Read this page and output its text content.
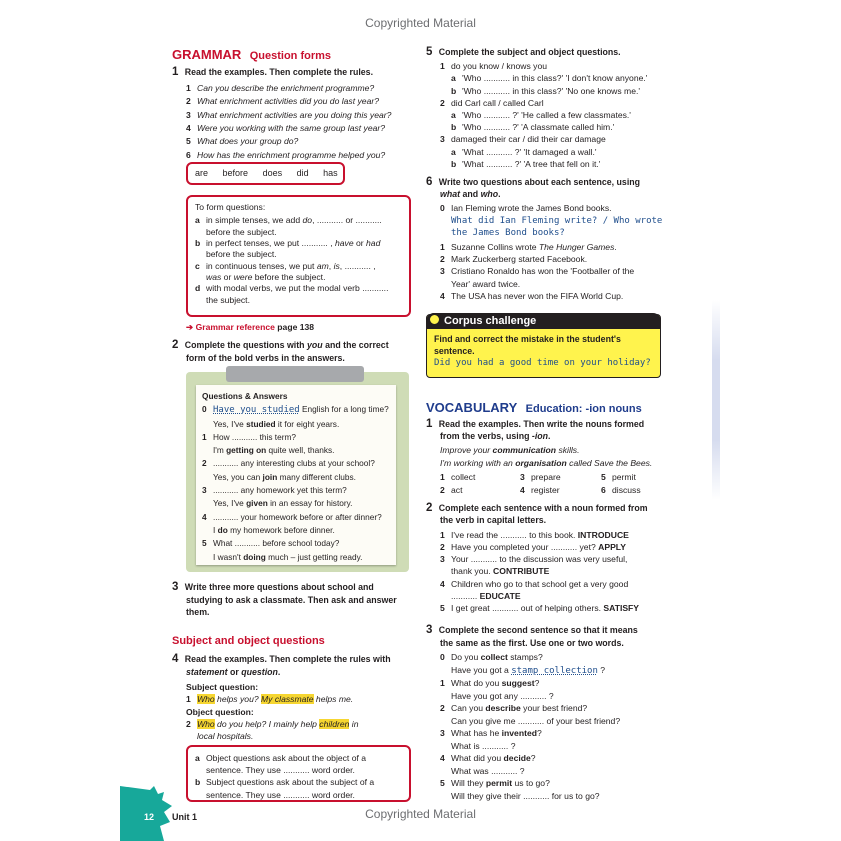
Copyrighted Material
Copyrighted Material
GRAMMAR Question forms
1 Read the examples. Then complete the rules.
1 Can you describe the enrichment programme?
2 What enrichment activities did you do last year?
3 What enrichment activities are you doing this year?
4 Were you working with the same group last year?
5 What does your group do?
6 How has the enrichment programme helped you?
are before does did has
To form questions:
a in simple tenses, we add do, ........... or ...........
before the subject.
b in perfect tenses, we put ........... , have or had
before the subject.
c in continuous tenses, we put am, is, ........... ,
was or were before the subject.
d with modal verbs, we put the modal verb ...........
the subject.
➔ Grammar reference page 138
2 Complete the questions with you and the correct
form of the bold verbs in the answers.
Questions & Answers
0 Have you studied English for a long time?
Yes, I've studied it for eight years.
1 How ........... this term?
I'm getting on quite well, thanks.
2 ........... any interesting clubs at your school?
Yes, you can join many different clubs.
3 ........... any homework yet this term?
Yes, I've given in an essay for history.
4 ........... your homework before or after dinner?
I do my homework before dinner.
5 What ........... before school today?
I wasn't doing much – just getting ready.
3 Write three more questions about school and
studying to ask a classmate. Then ask and answer
them.
Subject and object questions
4 Read the examples. Then complete the rules with
statement or question.
Subject question:
1 Who helps you? My classmate helps me.
Object question:
2 Who do you help? I mainly help children in
local hospitals.
a Object questions ask about the object of a
sentence. They use ........... word order.
b Subject questions ask about the subject of a
sentence. They use ........... word order.
12 Unit 1
5 Complete the subject and object questions.
1 do you know / knows you
a 'Who ........... in this class?' 'I don't know anyone.'
b 'Who ........... in this class?' 'No one knows me.'
2 did Carl call / called Carl
a 'Who ........... ?' 'He called a few classmates.'
b 'Who ........... ?' 'A classmate called him.'
3 damaged their car / did their car damage
a 'What ........... ?' 'It damaged a wall.'
b 'What ........... ?' 'A tree that fell on it.'
6 Write two questions about each sentence, using
what and who.
0 Ian Fleming wrote the James Bond books.
What did Ian Fleming write? / Who wrote
the James Bond books?
1 Suzanne Collins wrote The Hunger Games.
2 Mark Zuckerberg started Facebook.
3 Cristiano Ronaldo has won the 'Footballer of the
Year' award twice.
4 The USA has never won the FIFA World Cup.
Corpus challenge
Find and correct the mistake in the student's
sentence.
Did you had a good time on your holiday?
VOCABULARY Education: -ion nouns
1 Read the examples. Then write the nouns formed
from the verbs, using -ion.
Improve your communication skills.
I'm working with an organisation called Save the Bees.
1 collect	3 prepare	5 permit
2 act	4 register	6 discuss
2 Complete each sentence with a noun formed from
the verb in capital letters.
1 I've read the ........... to this book. INTRODUCE
2 Have you completed your ........... yet? APPLY
3 Your ........... to the discussion was very useful,
thank you. CONTRIBUTE
4 Children who go to that school get a very good
........... EDUCATE
5 I get great ........... out of helping others. SATISFY
3 Complete the second sentence so that it means
the same as the first. Use one or two words.
0 Do you collect stamps?
Have you got a stamp collection ?
1 What do you suggest?
Have you got any ........... ?
2 Can you describe your best friend?
Can you give me ........... of your best friend?
3 What has he invented?
What is ........... ?
4 What did you decide?
What was ........... ?
5 Will they permit us to go?
Will they give their ........... for us to go?
